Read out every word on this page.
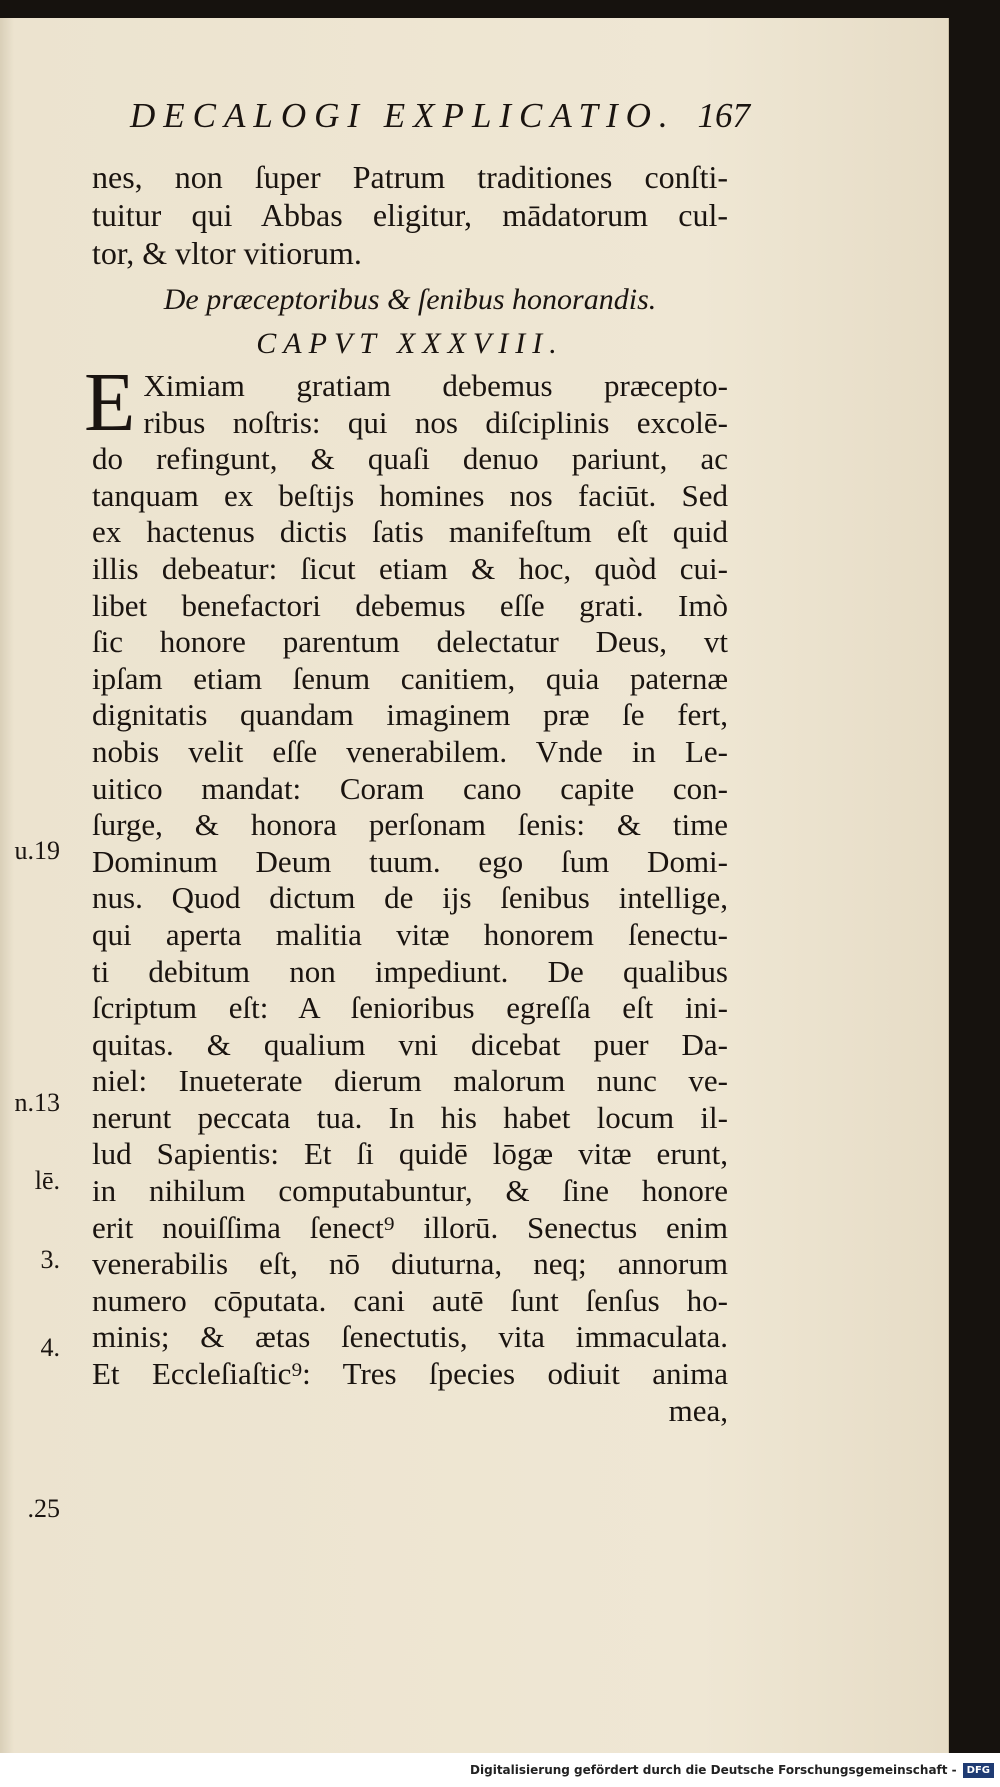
DECALOGI EXPLICATIO. 167
nes, non ſuper Patrum traditiones conſti-
tuitur qui Abbas eligitur, mādatorum cul-
tor, & vltor vitiorum.
De præceptoribus & ſenibus honorandis.
CAPVT XXXVIII.
E Ximiam gratiam debemus præcepto-
ribus noſtris: qui nos diſciplinis excolē-
do refingunt, & quaſi denuo pariunt, ac
tanquam ex beſtijs homines nos faciūt. Sed
ex hactenus dictis ſatis manifeſtum eſt quid
illis debeatur: ſicut etiam & hoc, quòd cui-
libet benefactori debemus eſſe grati. Imò
ſic honore parentum delectatur Deus, vt
ipſam etiam ſenum canitiem, quia paternæ
dignitatis quandam imaginem præ ſe fert,
nobis velit eſſe venerabilem. Vnde in Le-
uitico mandat: Coram cano capite con-
ſurge, & honora perſonam ſenis: & time
Dominum Deum tuum. ego ſum Domi-
nus. Quod dictum de ijs ſenibus intellige,
qui aperta malitia vitæ honorem ſenectu-
ti debitum non impediunt. De qualibus
ſcriptum eſt: A ſenioribus egreſſa eſt ini-
quitas. & qualium vni dicebat puer Da-
niel: Inueterate dierum malorum nunc ve-
nerunt peccata tua. In his habet locum il-
lud Sapientis: Et ſi quidē lōgæ vitæ erunt,
in nihilum computabuntur, & ſine honore
erit nouiſſima ſenect⁹ illorū. Senectus enim
venerabilis eſt, nō diuturna, neq; annorum
numero cōputata. cani autē ſunt ſenſus ho-
minis; & ætas ſenectutis, vita immaculata.
Et Eccleſiaſtic⁹: Tres ſpecies odiuit anima
mea,
u.19
n.13
lē.
3.
4.
.25
Digitalisierung gefördert durch die Deutsche Forschungsgemeinschaft -	DFG
